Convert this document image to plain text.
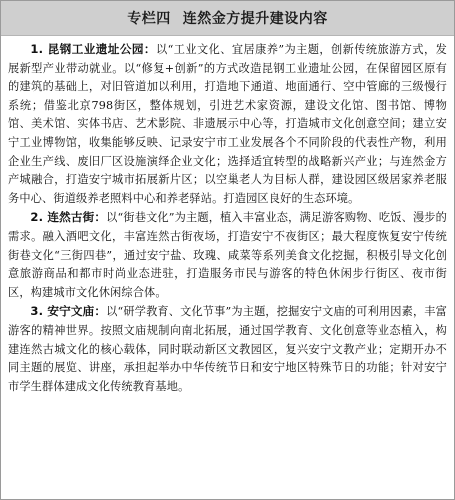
专栏四 连然金方提升建设内容

1. 昆钢工业遗址公园：以“工业文化、宜居康养”为主题，创新传统旅游方式，发展新型产业带动就业。以“修复+创新”的方式改造昆钢工业遗址公园，在保留园区原有的建筑的基础上，对旧管道加以利用，打造地下通道、地面通行、空中管廊的三级慢行系统；借鉴北京798街区，整体规划，引进艺术家资源，建设文化馆、图书馆、博物馆、美术馆、实体书店、艺术影院、非遗展示中心等，打造城市文化创意空间；建立安宁工业博物馆，收集能够反映、记录安宁市工业发展各个不同阶段的代表性产物，利用企业生产线、废旧厂区设施演绎企业文化；选择适宜转型的战略新兴产业；与连然金方产城融合，打造安宁城市拓展新片区；以空巢老人为目标人群，建设园区级居家养老服务中心、街道级养老照料中心和养老驿站。打造园区良好的生态环境。

2. 连然古街：以“街巷文化”为主题，植入丰富业态，满足游客购物、吃饭、漫步的需求。融入酒吧文化，丰富连然古街夜场，打造安宁不夜街区；最大程度恢复安宁传统街巷文化“三街四巷”，通过安宁盐、玫瑰、咸菜等系列美食文化挖掘，积极引导文化创意旅游商品和都市时尚业态进驻，打造服务市民与游客的特色休闲步行街区、夜市街区，构建城市文化休闲综合体。

3. 安宁文庙：以“研学教育、文化节事”为主题，挖掘安宁文庙的可利用因素，丰富游客的精神世界。按照文庙规制向南北拓展，通过国学教育、文化创意等业态植入，构建连然古城文化的核心载体，同时联动新区文教园区，复兴安宁文教产业；定期开办不同主题的展览、讲座，承担起举办中华传统节日和安宁地区特殊节日的功能；针对安宁市学生群体建成文化传统教育基地。
